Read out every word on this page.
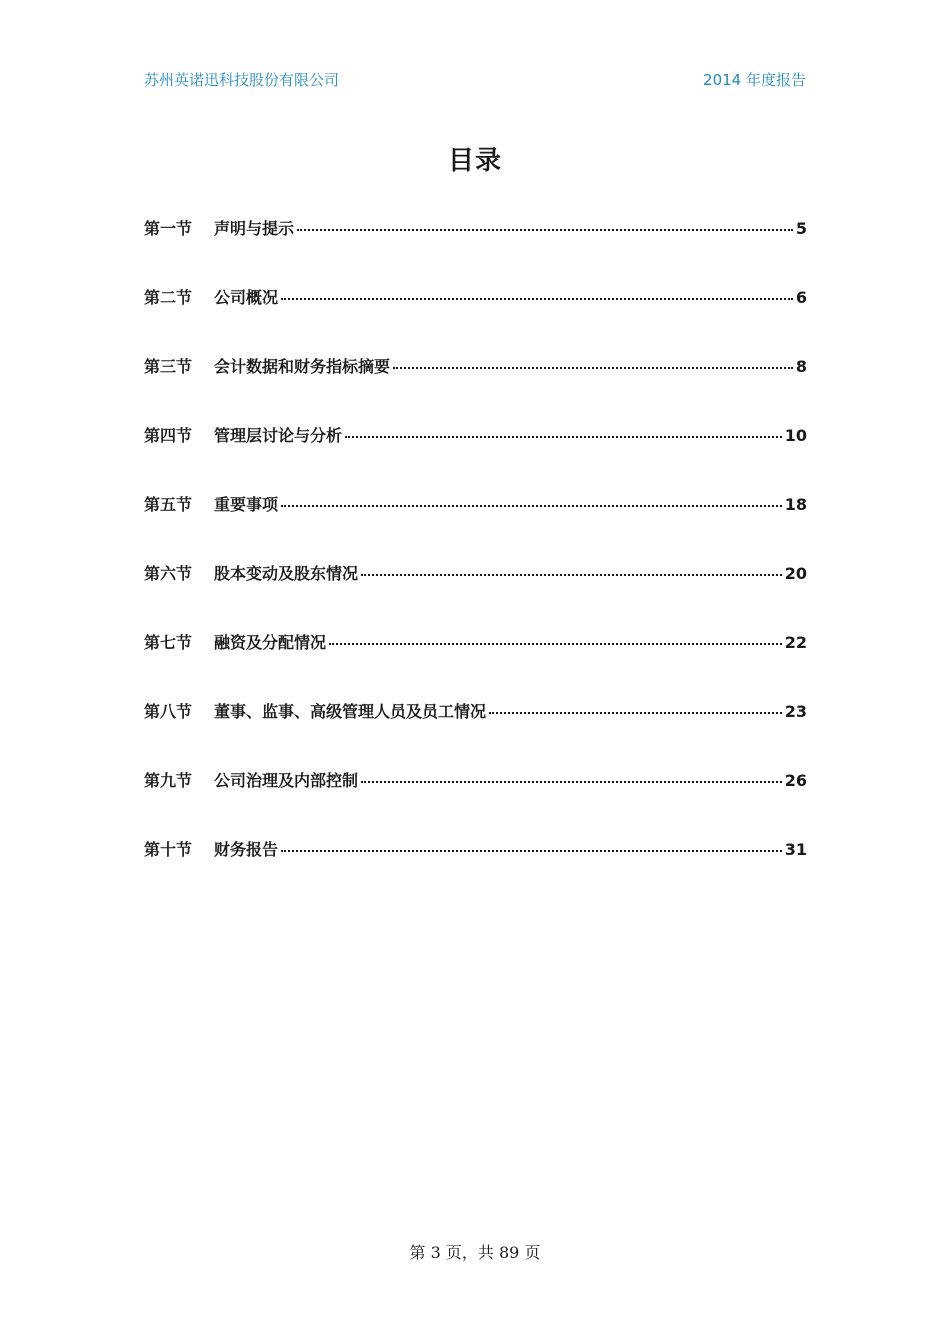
苏州英诺迅科技股份有限公司	2014 年度报告
目录
第一节	声明与提示	5
第二节	公司概况	6
第三节	会计数据和财务指标摘要	8
第四节	管理层讨论与分析	10
第五节	重要事项	18
第六节	股本变动及股东情况	20
第七节	融资及分配情况	22
第八节	董事、监事、高级管理人员及员工情况	23
第九节	公司治理及内部控制	26
第十节	财务报告	31
第 3 页，共 89 页
